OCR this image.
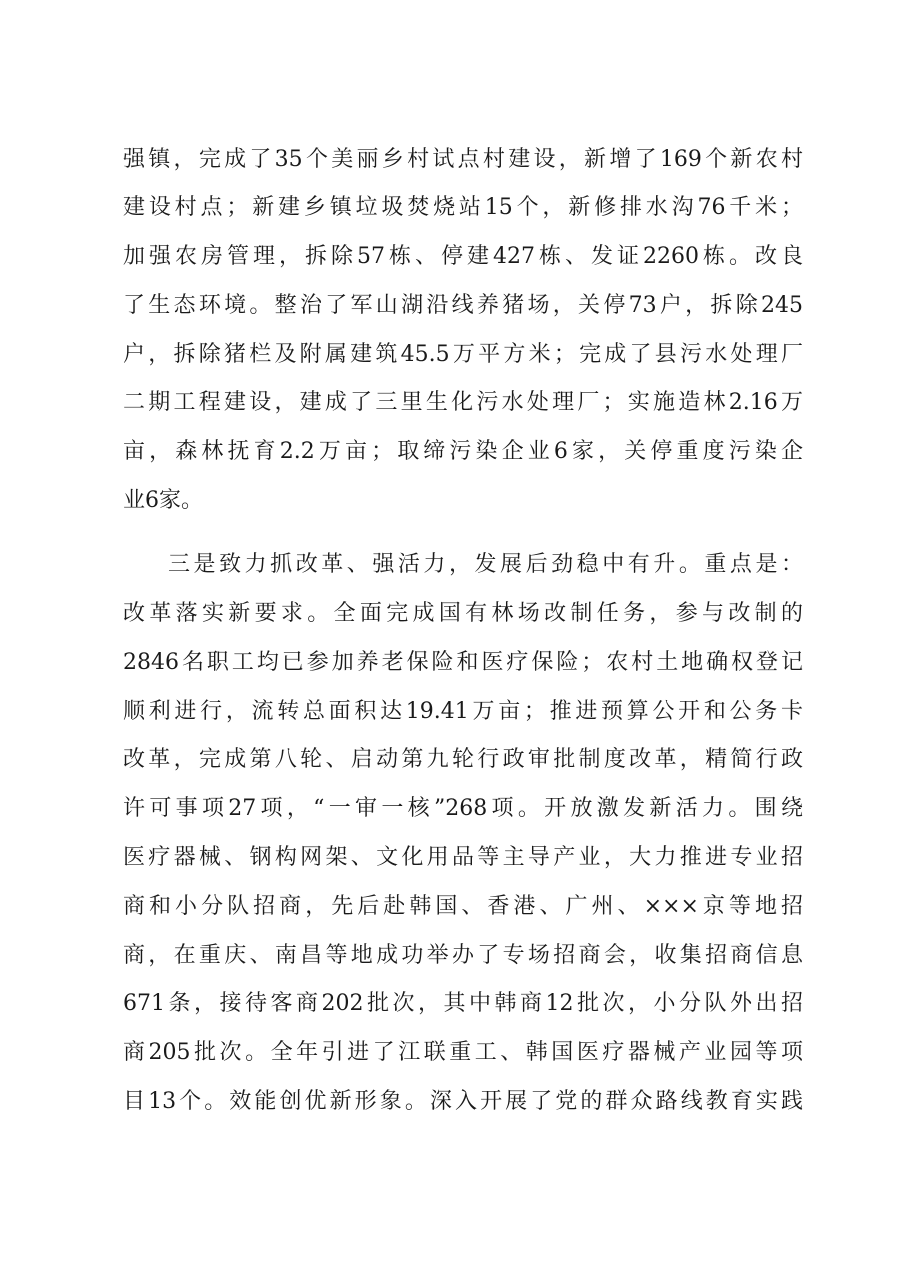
强镇，完成了35个美丽乡村试点村建设，新增了169个新农村
建设村点；新建乡镇垃圾焚烧站15个，新修排水沟76千米；
加强农房管理，拆除57栋、停建427栋、发证2260栋。改良
了生态环境。整治了军山湖沿线养猪场，关停73户，拆除245
户，拆除猪栏及附属建筑45.5万平方米；完成了县污水处理厂
二期工程建设，建成了三里生化污水处理厂；实施造林2.16万
亩，森林抚育2.2万亩；取缔污染企业6家，关停重度污染企
业6家。
三是致力抓改革、强活力，发展后劲稳中有升。重点是：
改革落实新要求。全面完成国有林场改制任务，参与改制的
2846名职工均已参加养老保险和医疗保险；农村土地确权登记
顺利进行，流转总面积达19.41万亩；推进预算公开和公务卡
改革，完成第八轮、启动第九轮行政审批制度改革，精简行政
许可事项27项，“一审一核”268项。开放激发新活力。围绕
医疗器械、钢构网架、文化用品等主导产业，大力推进专业招
商和小分队招商，先后赴韩国、香港、广州、×××京等地招
商，在重庆、南昌等地成功举办了专场招商会，收集招商信息
671条，接待客商202批次，其中韩商12批次，小分队外出招
商205批次。全年引进了江联重工、韩国医疗器械产业园等项
目13个。效能创优新形象。深入开展了党的群众路线教育实践
